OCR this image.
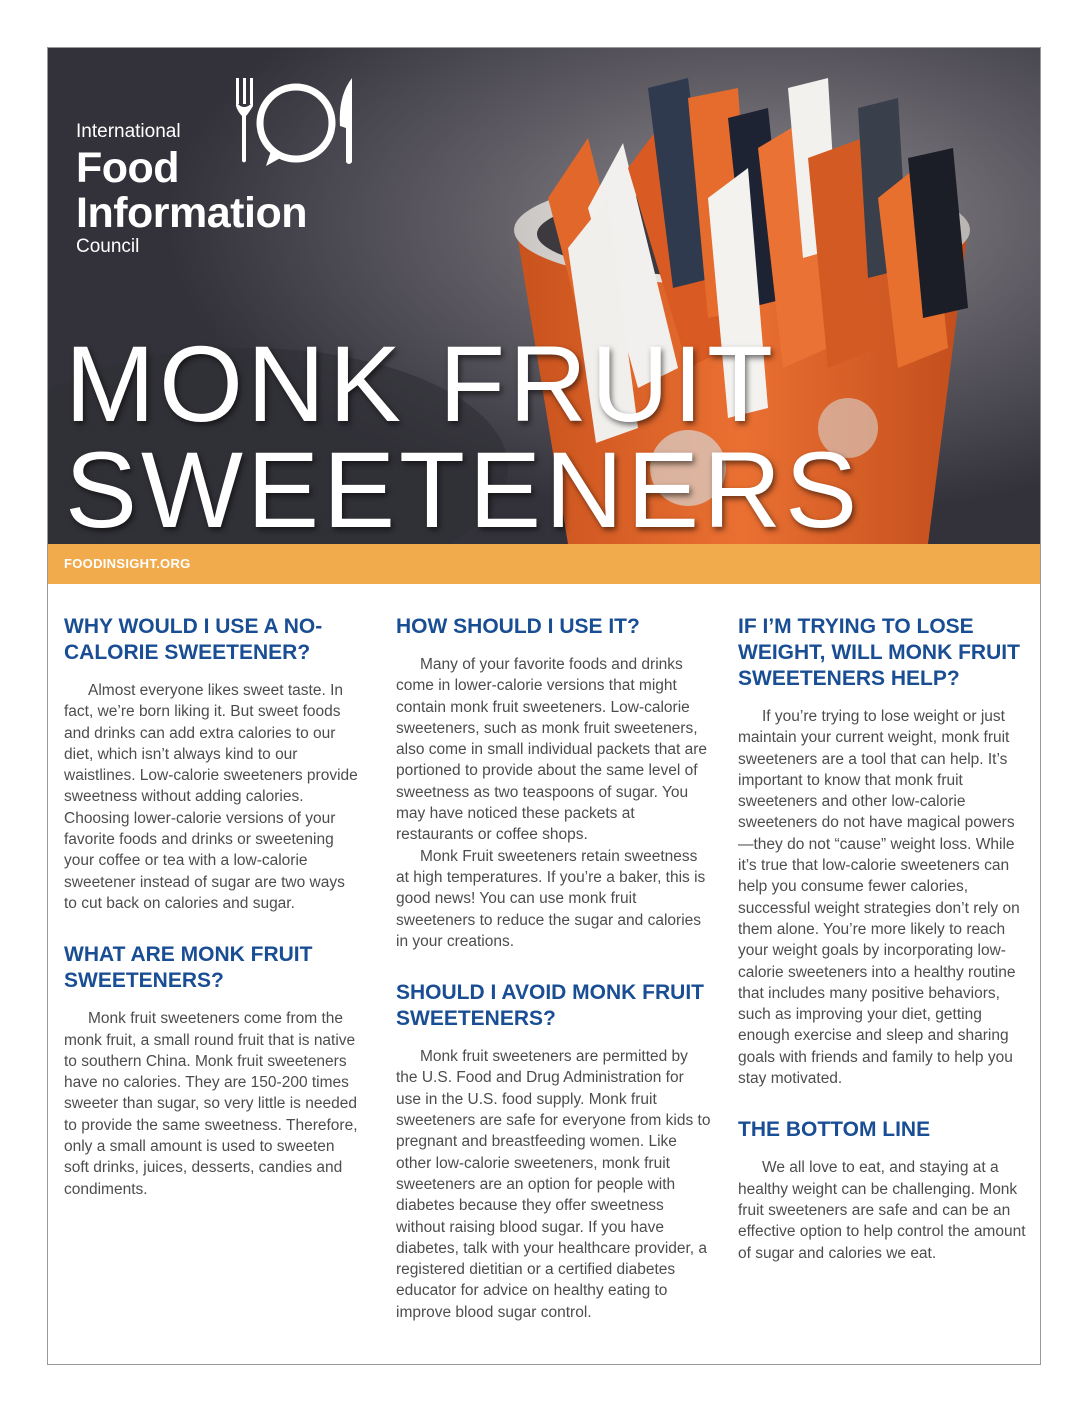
International
Food
Information
Council
MONK FRUIT
SWEETENERS
FOODINSIGHT.ORG
WHY WOULD I USE A NO-CALORIE SWEETENER?

Almost everyone likes sweet taste. In fact, we’re born liking it. But sweet foods and drinks can add extra calories to our diet, which isn’t always kind to our waistlines. Low-calorie sweeteners provide sweetness without adding calories. Choosing lower-calorie versions of your favorite foods and drinks or sweetening your coffee or tea with a low-calorie sweetener instead of sugar are two ways to cut back on calories and sugar.

WHAT ARE MONK FRUIT SWEETENERS?

Monk fruit sweeteners come from the monk fruit, a small round fruit that is native to southern China. Monk fruit sweeteners have no calories. They are 150-200 times sweeter than sugar, so very little is needed to provide the same sweetness. Therefore, only a small amount is used to sweeten soft drinks, juices, desserts, candies and condiments.

HOW SHOULD I USE IT?

Many of your favorite foods and drinks come in lower-calorie versions that might contain monk fruit sweeteners. Low-calorie sweeteners, such as monk fruit sweeteners, also come in small individual packets that are portioned to provide about the same level of sweetness as two teaspoons of sugar. You may have noticed these packets at restaurants or coffee shops.

Monk Fruit sweeteners retain sweetness at high temperatures. If you’re a baker, this is good news! You can use monk fruit sweeteners to reduce the sugar and calories in your creations.

SHOULD I AVOID MONK FRUIT SWEETENERS?

Monk fruit sweeteners are permitted by the U.S. Food and Drug Administration for use in the U.S. food supply. Monk fruit sweeteners are safe for everyone from kids to pregnant and breastfeeding women. Like other low-calorie sweeteners, monk fruit sweeteners are an option for people with diabetes because they offer sweetness without raising blood sugar. If you have diabetes, talk with your healthcare provider, a registered dietitian or a certified diabetes educator for advice on healthy eating to improve blood sugar control.

IF I’M TRYING TO LOSE WEIGHT, WILL MONK FRUIT SWEETENERS HELP?

If you’re trying to lose weight or just maintain your current weight, monk fruit sweeteners are a tool that can help. It’s important to know that monk fruit sweeteners and other low-calorie sweeteners do not have magical powers—they do not “cause” weight loss. While it’s true that low-calorie sweeteners can help you consume fewer calories, successful weight strategies don’t rely on them alone. You’re more likely to reach your weight goals by incorporating low-calorie sweeteners into a healthy routine that includes many positive behaviors, such as improving your diet, getting enough exercise and sleep and sharing goals with friends and family to help you stay motivated.

THE BOTTOM LINE

We all love to eat, and staying at a healthy weight can be challenging. Monk fruit sweeteners are safe and can be an effective option to help control the amount of sugar and calories we eat.
